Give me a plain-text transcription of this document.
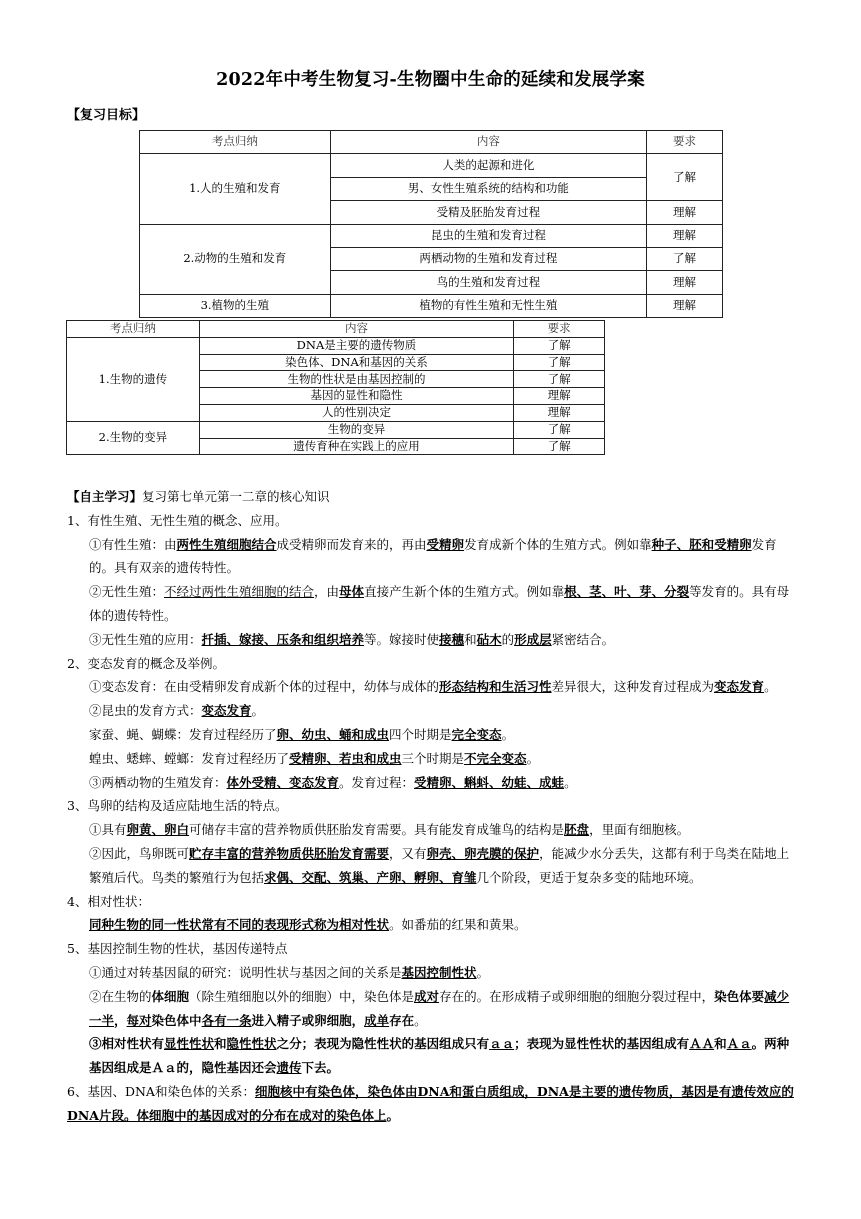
2022年中考生物复习-生物圈中生命的延续和发展学案
【复习目标】
考点归纳	内容	要求
1.人的生殖和发育	人类的起源和进化	了解
	男、女性生殖系统的结构和功能	
	受精及胚胎发育过程	理解
2.动物的生殖和发育	昆虫的生殖和发育过程	理解
	两栖动物的生殖和发育过程	了解
	鸟的生殖和发育过程	理解
3.植物的生殖	植物的有性生殖和无性生殖	理解
考点归纳	内容	要求
1.生物的遗传	DNA是主要的遗传物质	了解
	染色体、DNA和基因的关系	了解
	生物的性状是由基因控制的	了解
	基因的显性和隐性	理解
	人的性别决定	理解
2.生物的变异	生物的变异	了解
	遗传育种在实践上的应用	了解

【自主学习】复习第七单元第一二章的核心知识

1、有性生殖、无性生殖的概念、应用。

①有性生殖：由两性生殖细胞结合成受精卵而发育来的，再由受精卵发育成新个体的生殖方式。例如靠种子、胚和受精卵发育的。具有双亲的遗传特性。

②无性生殖：不经过两性生殖细胞的结合，由母体直接产生新个体的生殖方式。例如靠根、茎、叶、芽、分裂等发育的。具有母体的遗传特性。

③无性生殖的应用：扦插、嫁接、压条和组织培养等。嫁接时使接穗和砧木的形成层紧密结合。

2、变态发育的概念及举例。

①变态发育：在由受精卵发育成新个体的过程中，幼体与成体的形态结构和生活习性差异很大，这种发育过程成为变态发育。

②昆虫的发育方式：变态发育。

家蚕、蝇、蝴蝶：发育过程经历了卵、幼虫、蛹和成虫四个时期是完全变态。

蝗虫、蟋蟀、螳螂：发育过程经历了受精卵、若虫和成虫三个时期是不完全变态。

③两栖动物的生殖发育：体外受精、变态发育。发育过程：受精卵、蝌蚪、幼蛙、成蛙。

3、鸟卵的结构及适应陆地生活的特点。

①具有卵黄、卵白可储存丰富的营养物质供胚胎发育需要。具有能发育成雏鸟的结构是胚盘，里面有细胞核。

②因此，鸟卵既可贮存丰富的营养物质供胚胎发育需要，又有卵壳、卵壳膜的保护，能减少水分丢失，这都有利于鸟类在陆地上繁殖后代。鸟类的繁殖行为包括求偶、交配、筑巢、产卵、孵卵、育雏几个阶段，更适于复杂多变的陆地环境。

4、相对性状：

同种生物的同一性状常有不同的表现形式称为相对性状。如番茄的红果和黄果。

5、基因控制生物的性状，基因传递特点

①通过对转基因鼠的研究：说明性状与基因之间的关系是基因控制性状。

②在生物的体细胞（除生殖细胞以外的细胞）中，染色体是成对存在的。在形成精子或卵细胞的细胞分裂过程中，染色体要减少一半，每对染色体中各有一条进入精子或卵细胞，成单存在。

③相对性状有显性性状和隐性性状之分；表现为隐性性状的基因组成只有ａａ；表现为显性性状的基因组成有ＡＡ和Ａａ。两种基因组成是Ａａ的，隐性基因还会遗传下去。

6、基因、DNA和染色体的关系：细胞核中有染色体，染色体由DNA和蛋白质组成，DNA是主要的遗传物质，基因是有遗传效应的DNA片段。体细胞中的基因成对的分布在成对的染色体上。
